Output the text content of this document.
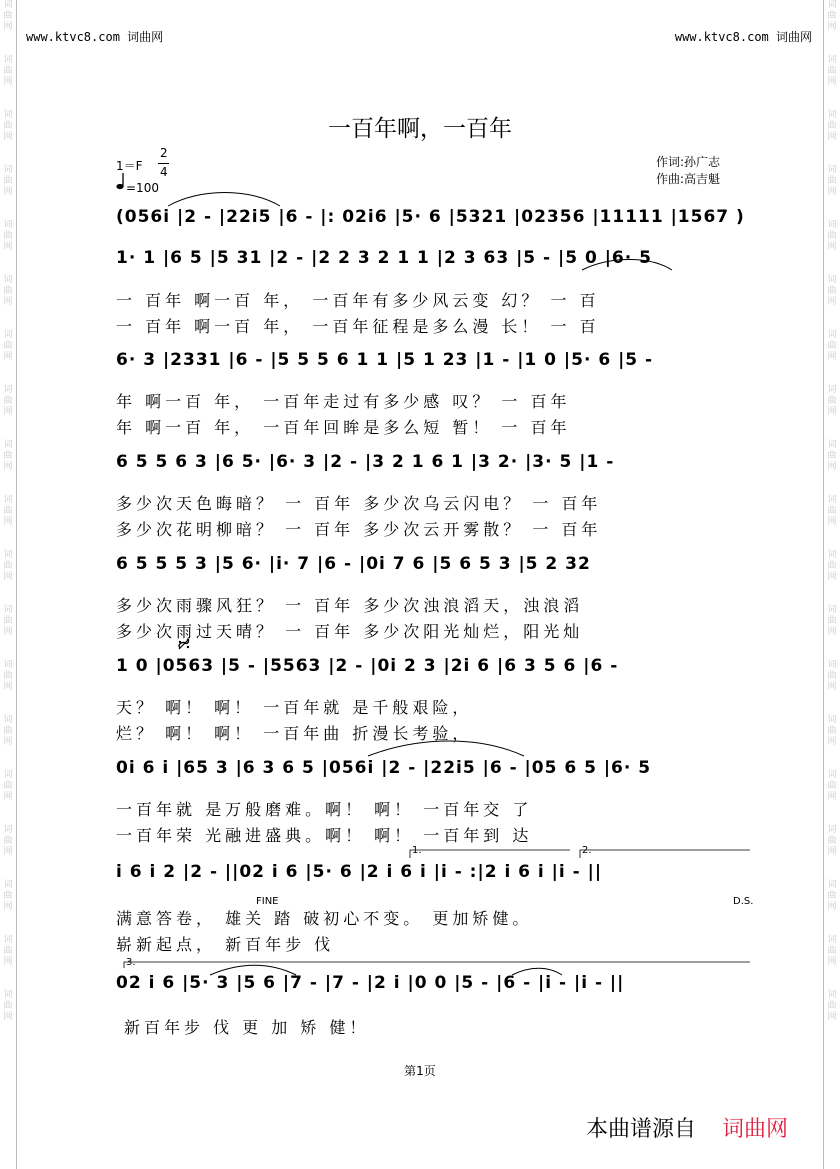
词曲网
词曲网
词曲网
词曲网
词曲网
词曲网
词曲网
词曲网
词曲网
词曲网
词曲网
词曲网
词曲网
词曲网
词曲网
词曲网
词曲网
词曲网
词曲网
词曲网
词曲网
词曲网
词曲网
词曲网
词曲网
词曲网
词曲网
词曲网
词曲网
词曲网
词曲网
词曲网
词曲网
词曲网
词曲网
词曲网
词曲网
词曲网
www.ktvc8.com 词曲网	www.ktvc8.com 词曲网
一百年啊，一百年
1＝F
2
4
=100
作词:孙广志
作曲:高吉魁
(056i |2 - |22i5 |6 - |: 02i6 |5· 6 |5321 |02356 |11111 |1567 )
1· 1 |6 5 |5 31 |2 - |2 2 3 2 1 1 |2 3 63 |5 - |5 0 |6· 5
一 百年 啊一百 年， 一百年有多少风云变 幻？ 一 百
一 百年 啊一百 年， 一百年征程是多么漫 长！ 一 百
6· 3 |2331 |6 - |5 5 5 6 1 1 |5 1 23 |1 - |1 0 |5· 6 |5 -
年 啊一百 年， 一百年走过有多少感 叹？ 一 百年
年 啊一百 年， 一百年回眸是多么短 暂！ 一 百年
6 5 5 6 3 |6 5· |6· 3 |2 - |3 2 1 6 1 |3 2· |3· 5 |1 -
多少次天色晦暗？ 一 百年 多少次乌云闪电？ 一 百年
多少次花明柳暗？ 一 百年 多少次云开雾散？ 一 百年
6 5 5 5 3 |5 6· |i· 7 |6 - |0i 7 6 |5 6 5 3 |5 2 32
多少次雨骤风狂？ 一 百年 多少次浊浪滔天，浊浪滔
多少次雨过天晴？ 一 百年 多少次阳光灿烂，阳光灿
1 0 |0563 |5 - |5563 |2 - |0i 2 3 |2i 6 |6 3 5 6 |6 -
天？ 啊！ 啊！ 一百年就 是千般艰险，
烂？ 啊！ 啊！ 一百年曲 折漫长考验，
0i 6 i |65 3 |6 3 6 5 |056i |2 - |22i5 |6 - |05 6 5 |6· 5
一百年就 是万般磨难。啊！ 啊！ 一百年交 了
一百年荣 光融进盛典。啊！ 啊！ 一百年到 达
1.	2.
i 6 i 2 |2 - ||02 i 6 |5· 6 |2 i 6 i |i - :|2 i 6 i |i - ||
FINE	D.S.
满意答卷， 雄关 踏 破初心不变。 更加矫健。
崭新起点， 新百年步 伐
3.
02 i 6 |5· 3 |5 6 |7 - |7 - |2 i |0 0 |5 - |6 - |i - |i - ||
新百年步 伐 更 加 矫 健！
第1页
本曲谱源自 词曲网
